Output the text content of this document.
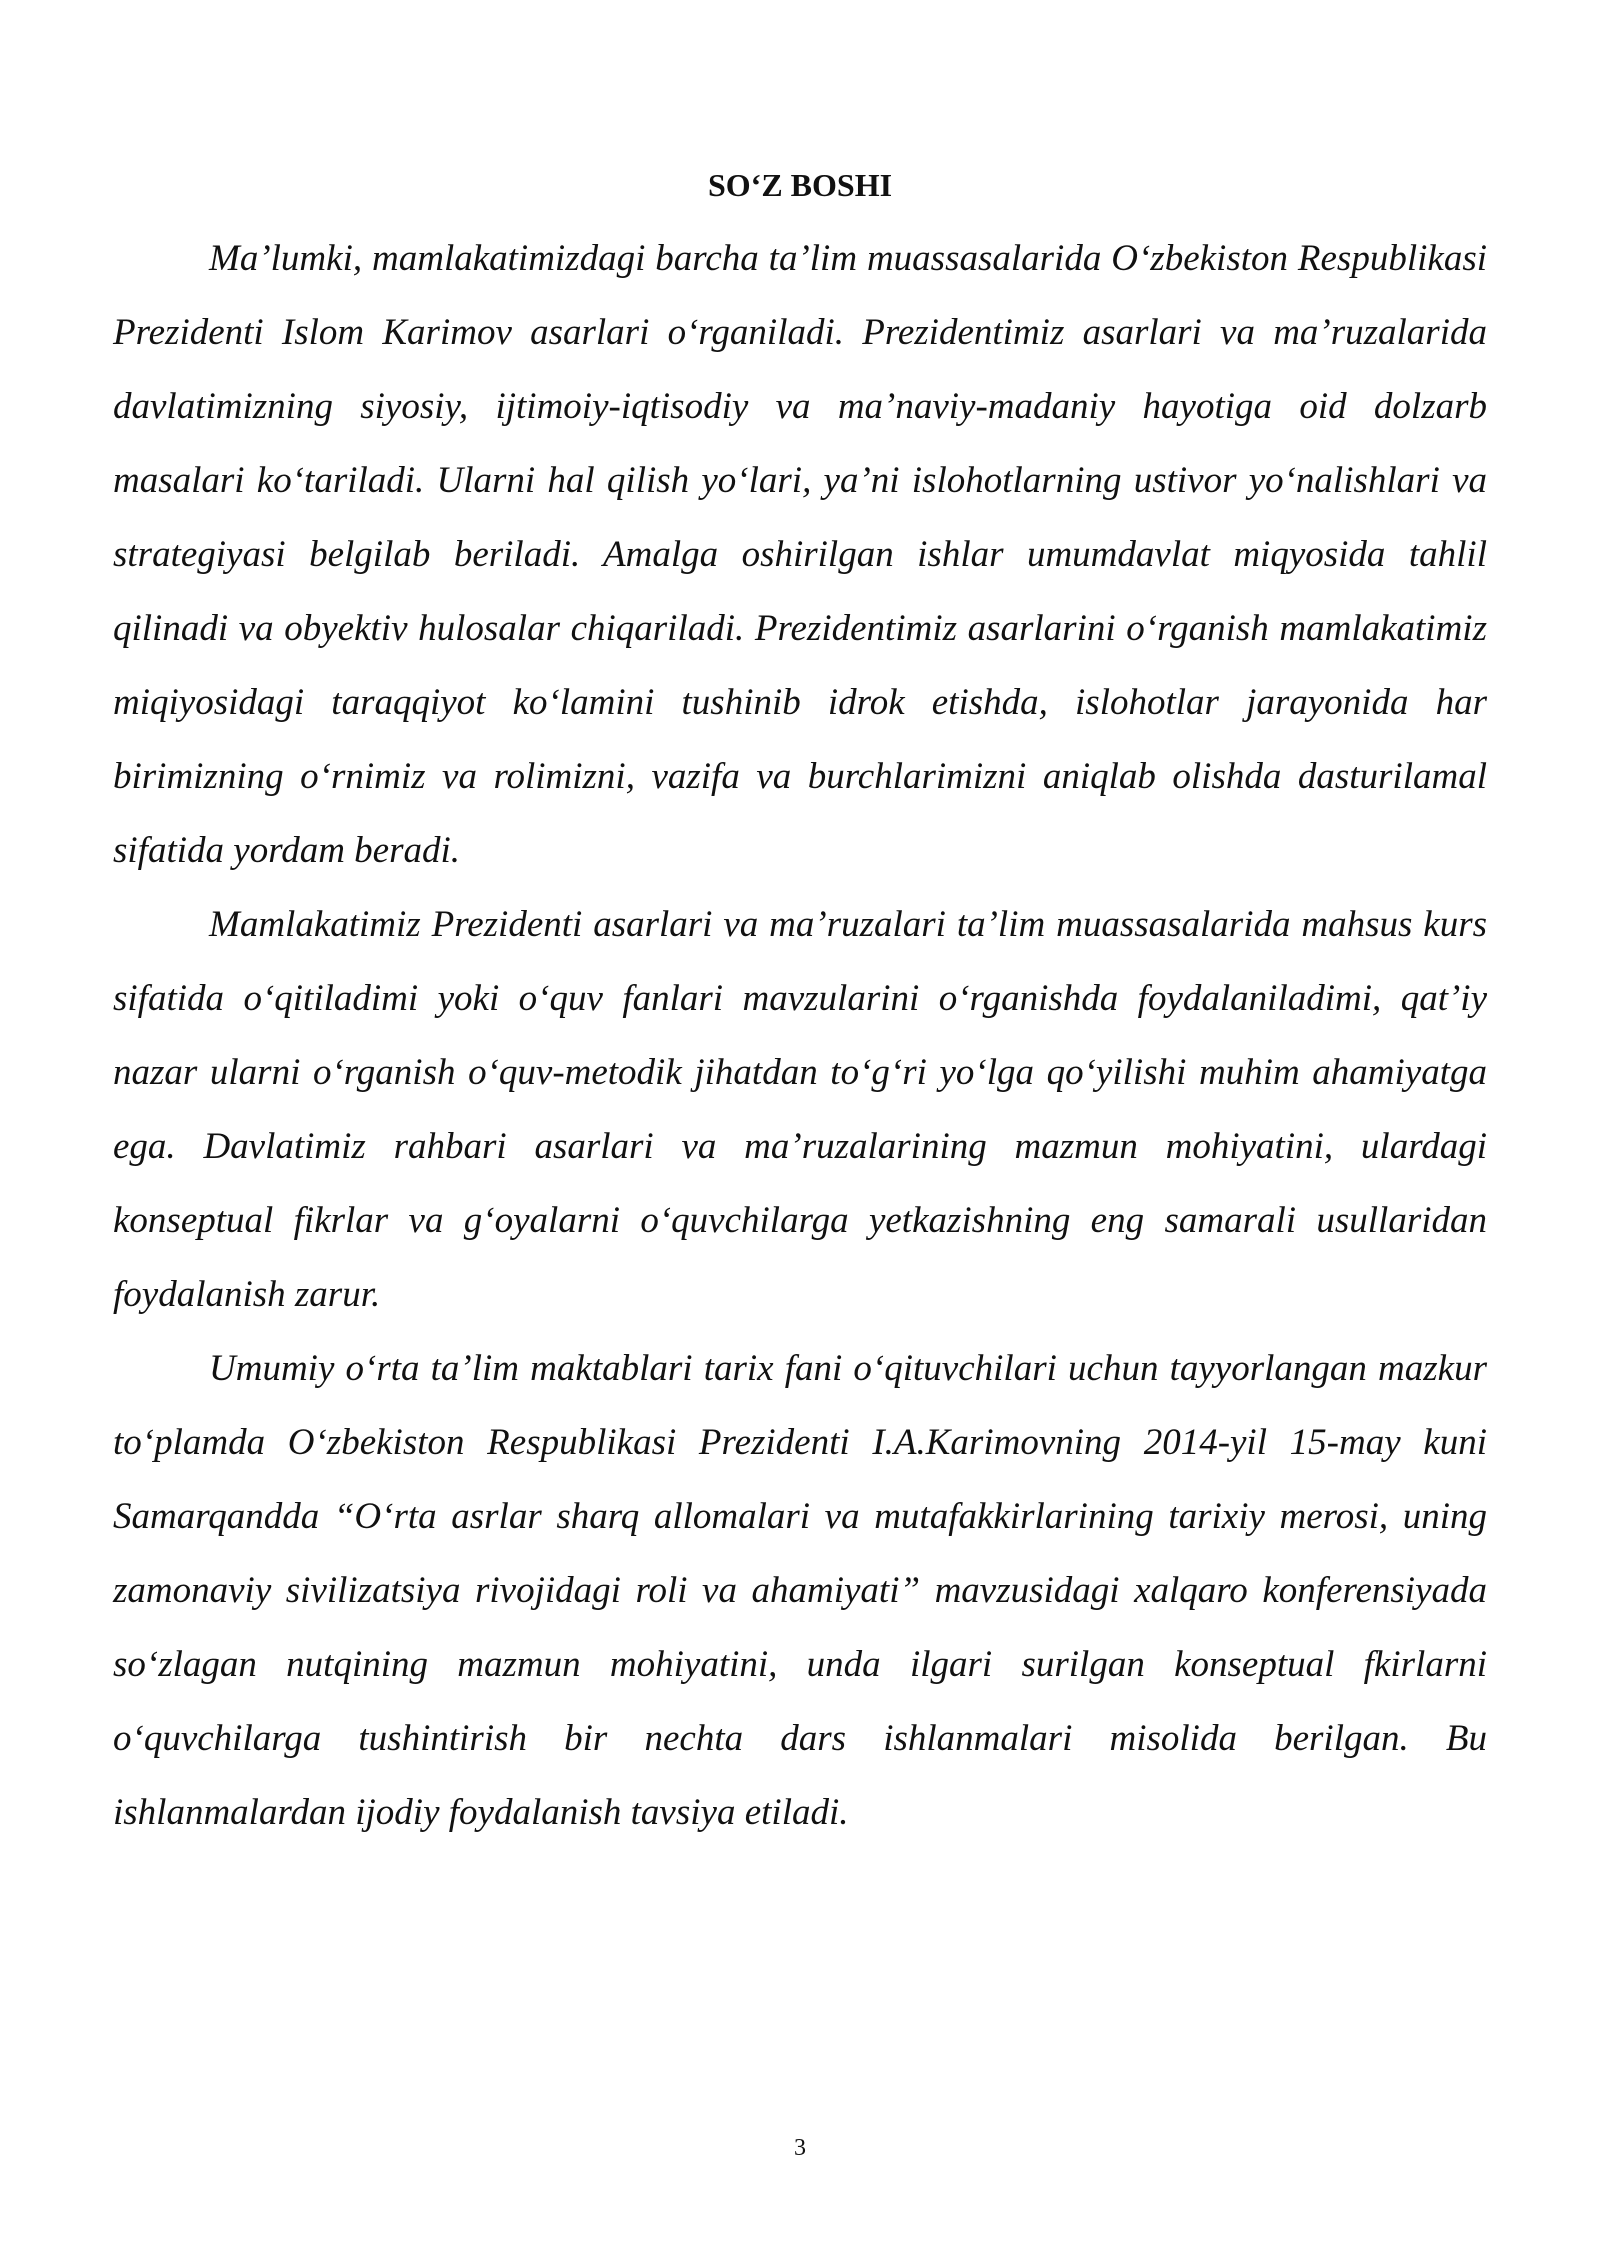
SO‘Z BOSHI

Ma’lumki, mamlakatimizdagi barcha ta’lim muassasalarida O‘zbekiston Respublikasi Prezidenti Islom Karimov asarlari o‘rganiladi. Prezidentimiz asarlari va ma’ruzalarida davlatimizning siyosiy, ijtimoiy-iqtisodiy va ma’naviy-madaniy hayotiga oid dolzarb masalari ko‘tariladi. Ularni hal qilish yo‘lari, ya’ni islohotlarning ustivor yo‘nalishlari va strategiyasi belgilab beriladi. Amalga oshirilgan ishlar umumdavlat miqyosida tahlil qilinadi va obyektiv hulosalar chiqariladi. Prezidentimiz asarlarini o‘rganish mamlakatimiz miqiyosidagi taraqqiyot ko‘lamini tushinib idrok etishda, islohotlar jarayonida har birimizning o‘rnimiz va rolimizni, vazifa va burchlarimizni aniqlab olishda dasturilamal sifatida yordam beradi.

Mamlakatimiz Prezidenti asarlari va ma’ruzalari ta’lim muassasalarida mahsus kurs sifatida o‘qitiladimi yoki o‘quv fanlari mavzularini o‘rganishda foydalaniladimi, qat’iy nazar ularni o‘rganish o‘quv-metodik jihatdan to‘g‘ri yo‘lga qo‘yilishi muhim ahamiyatga ega. Davlatimiz rahbari asarlari va ma’ruzalarining mazmun mohiyatini, ulardagi konseptual fikrlar va g‘oyalarni o‘quvchilarga yetkazishning eng samarali usullaridan foydalanish zarur.

Umumiy o‘rta ta’lim maktablari tarix fani o‘qituvchilari uchun tayyorlangan mazkur to‘plamda O‘zbekiston Respublikasi Prezidenti I.A.Karimovning 2014-yil 15-may kuni Samarqandda “O‘rta asrlar sharq allomalari va mutafakkirlarining tarixiy merosi, uning zamonaviy sivilizatsiya rivojidagi roli va ahamiyati” mavzusidagi xalqaro konferensiyada so‘zlagan nutqining mazmun mohiyatini, unda ilgari surilgan konseptual fkirlarni o‘quvchilarga tushintirish bir nechta dars ishlanmalari misolida berilgan. Bu ishlanmalardan ijodiy foydalanish tavsiya etiladi.

3
